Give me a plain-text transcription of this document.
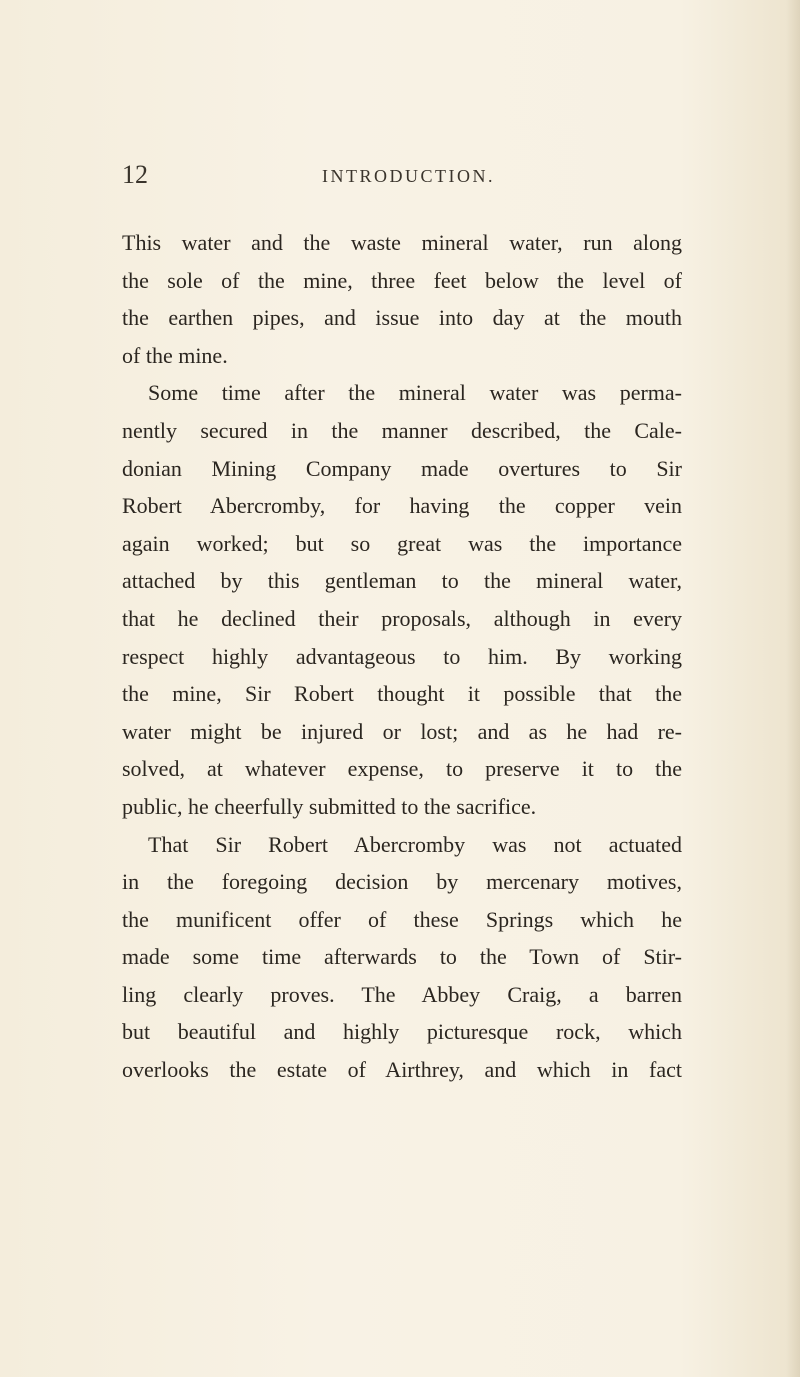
12	INTRODUCTION.
This water and the waste mineral water, run along
the sole of the mine, three feet below the level of
the earthen pipes, and issue into day at the mouth
of the mine.
Some time after the mineral water was perma-
nently secured in the manner described, the Cale-
donian Mining Company made overtures to Sir
Robert Abercromby, for having the copper vein
again worked; but so great was the importance
attached by this gentleman to the mineral water,
that he declined their proposals, although in every
respect highly advantageous to him. By working
the mine, Sir Robert thought it possible that the
water might be injured or lost; and as he had re-
solved, at whatever expense, to preserve it to the
public, he cheerfully submitted to the sacrifice.
That Sir Robert Abercromby was not actuated
in the foregoing decision by mercenary motives,
the munificent offer of these Springs which he
made some time afterwards to the Town of Stir-
ling clearly proves. The Abbey Craig, a barren
but beautiful and highly picturesque rock, which
overlooks the estate of Airthrey, and which in fact
